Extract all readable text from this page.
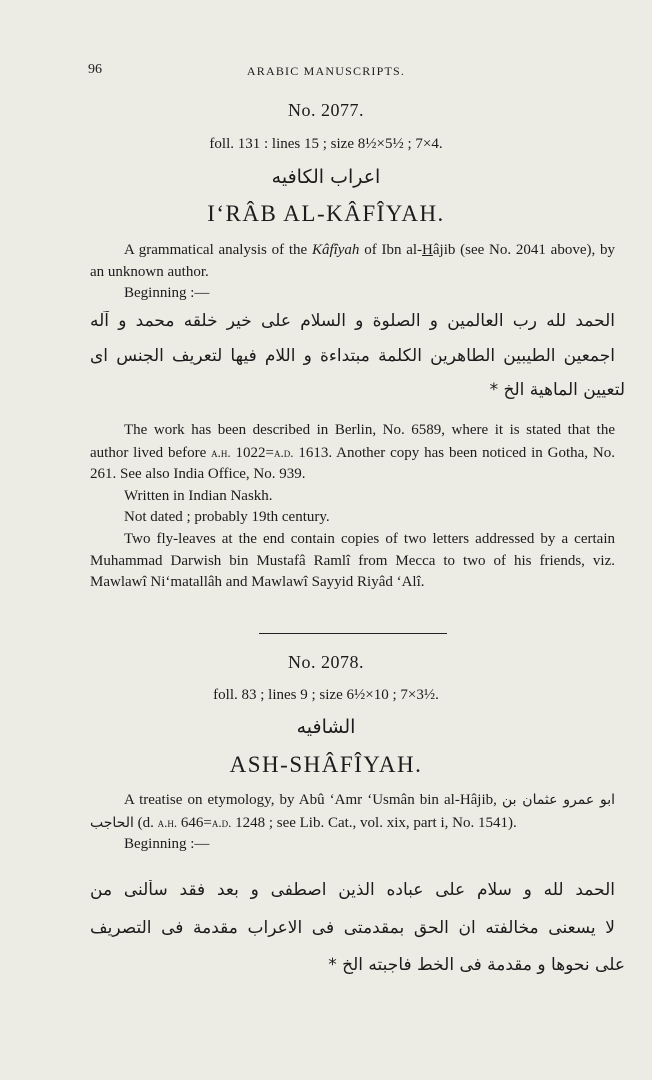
96	ARABIC MANUSCRIPTS.
No. 2077.
foll. 131 : lines 15 ; size 8½×5½ ; 7×4.
اعراب الكافيه
I‘RÂB AL-KÂFÎYAH.

A grammatical analysis of the Kâfîyah of Ibn al-Hâjib (see No. 2041 above), by an unknown author.

Beginning :—

الحمد لله رب العالمين و الصلوة و السلام على خير خلقه محمد و آله
اجمعين الطيبين الطاهرين الكلمة مبتداءة و اللام فيها لتعريف الجنس اى
لتعيين الماهية الخ *

The work has been described in Berlin, No. 6589, where it is stated that the author lived before a.h. 1022=a.d. 1613. Another copy has been noticed in Gotha, No. 261. See also India Office, No. 939.

Written in Indian Naskh.

Not dated ; probably 19th century.

Two fly-leaves at the end contain copies of two letters addressed by a certain Muhammad Darwish bin Mustafâ Ramlî from Mecca to two of his friends, viz. Mawlawî Ni‘matallâh and Mawlawî Sayyid Riyâd ‘Alî.

No. 2078.
foll. 83 ; lines 9 ; size 6½×10 ; 7×3½.
الشافيه
ASH-SHÂFÎYAH.

A treatise on etymology, by Abû ‘Amr ‘Usmân bin al-Hâjib, ابو عمرو عثمان بن الحاجب (d. a.h. 646=a.d. 1248 ; see Lib. Cat., vol. xix, part i, No. 1541).

Beginning :—

الحمد لله و سلام على عباده الذين اصطفى و بعد فقد سألنى من
لا يسعنى مخالفته ان الحق بمقدمتى فى الاعراب مقدمة فى التصريف
على نحوها و مقدمة فى الخط فاجبته الخ *
